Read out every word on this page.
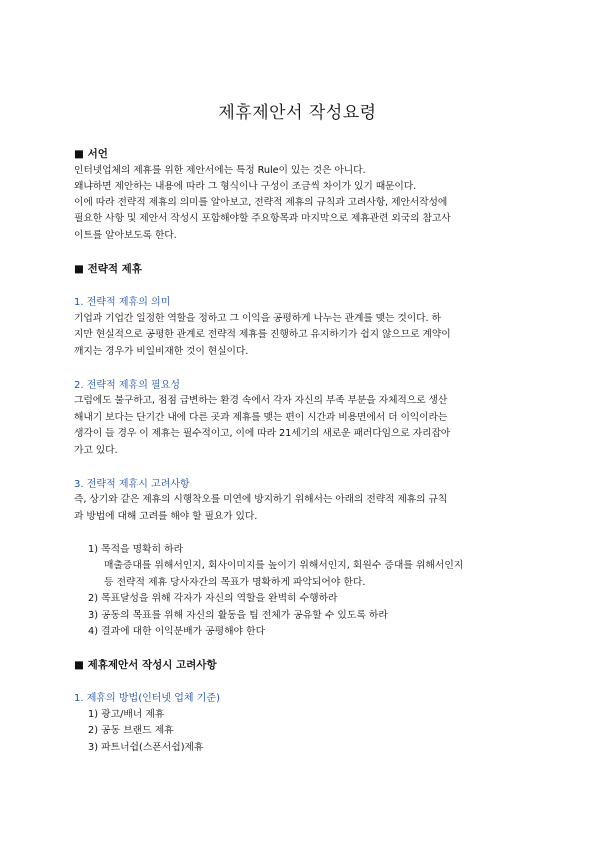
제휴제안서 작성요령
■ 서언
인터넷업체의 제휴를 위한 제안서에는 특정 Rule이 있는 것은 아니다.
왜냐하면 제안하는 내용에 따라 그 형식이나 구성이 조금씩 차이가 있기 때문이다.
이에 따라 전략적 제휴의 의미를 알아보고, 전략적 제휴의 규칙과 고려사항, 제안서작성에
필요한 사항 및 제안서 작성시 포함해야할 주요항목과 마지막으로 제휴관련 외국의 참고사
이트를 알아보도록 한다.
■ 전략적 제휴
1. 전략적 제휴의 의미
기업과 기업간 일정한 역할을 정하고 그 이익을 공평하게 나누는 관계를 맺는 것이다. 하
지만 현실적으로 공평한 관계로 전략적 제휴를 진행하고 유지하기가 쉽지 않으므로 계약이
깨지는 경우가 비일비재한 것이 현실이다.
2. 전략적 제휴의 필요성
그럼에도 불구하고, 점점 급변하는 환경 속에서 각자 자신의 부족 부분을 자체적으로 생산
해내기 보다는 단기간 내에 다른 곳과 제휴를 맺는 편이 시간과 비용면에서 더 이익이라는
생각이 들 경우 이 제휴는 필수적이고, 이에 따라 21세기의 새로운 패러다임으로 자리잡아
가고 있다.
3. 전략적 제휴시 고려사항
즉, 상기와 같은 제휴의 시행착오를 미연에 방지하기 위해서는 아래의 전략적 제휴의 규칙
과 방법에 대해 고려를 해야 할 필요가 있다.
1) 목적을 명확히 하라
매출증대를 위해서인지, 회사이미지를 높이기 위해서인지, 회원수 증대를 위해서인지
등 전략적 제휴 당사자간의 목표가 명확하게 파악되어야 한다.
2) 목표달성을 위해 각자가 자신의 역할을 완벽히 수행하라
3) 공동의 목표를 위해 자신의 활동을 팀 전체가 공유할 수 있도록 하라
4) 결과에 대한 이익분배가 공평해야 한다
■ 제휴제안서 작성시 고려사항
1. 제휴의 방법(인터넷 업체 기준)
1) 광고/배너 제휴
2) 공동 브랜드 제휴
3) 파트너쉽(스폰서쉽)제휴
